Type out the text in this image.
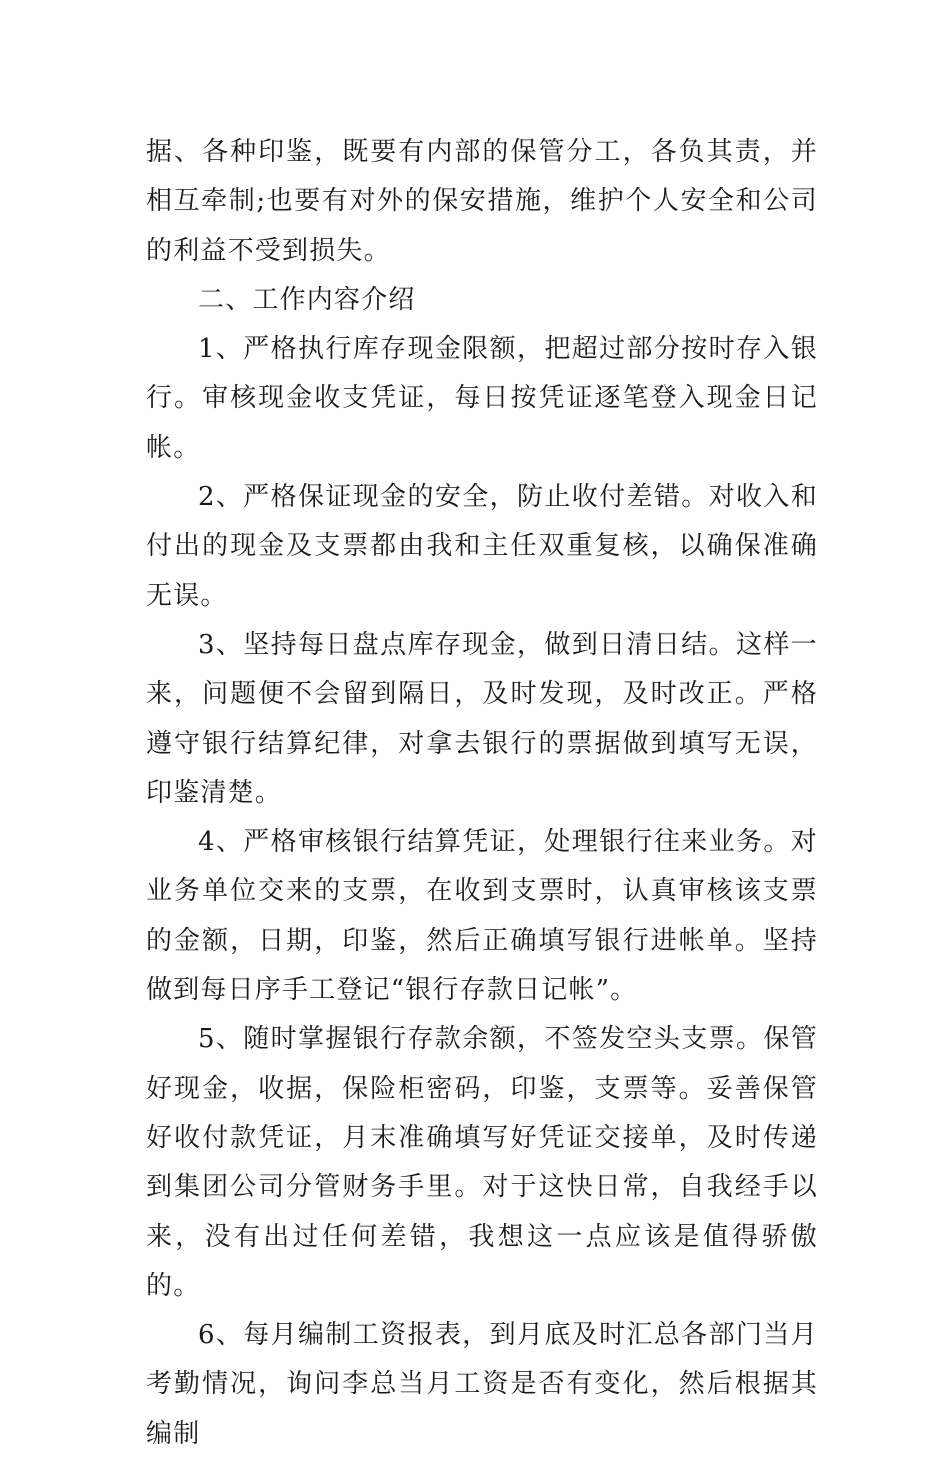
据、各种印鉴，既要有内部的保管分工，各负其责，并相互牵制;也要有对外的保安措施，维护个人安全和公司的利益不受到损失。

二、工作内容介绍

1、严格执行库存现金限额，把超过部分按时存入银行。审核现金收支凭证，每日按凭证逐笔登入现金日记帐。

2、严格保证现金的安全，防止收付差错。对收入和付出的现金及支票都由我和主任双重复核，以确保准确无误。

3、坚持每日盘点库存现金，做到日清日结。这样一来，问题便不会留到隔日，及时发现，及时改正。严格遵守银行结算纪律，对拿去银行的票据做到填写无误，印鉴清楚。

4、严格审核银行结算凭证，处理银行往来业务。对业务单位交来的支票，在收到支票时，认真审核该支票的金额，日期，印鉴，然后正确填写银行进帐单。坚持做到每日序手工登记“银行存款日记帐”。

5、随时掌握银行存款余额，不签发空头支票。保管好现金，收据，保险柜密码，印鉴，支票等。妥善保管好收付款凭证，月末准确填写好凭证交接单，及时传递到集团公司分管财务手里。对于这快日常，自我经手以来，没有出过任何差错，我想这一点应该是值得骄傲的。

6、每月编制工资报表，到月底及时汇总各部门当月考勤情况，询问李总当月工资是否有变化，然后根据其编制
